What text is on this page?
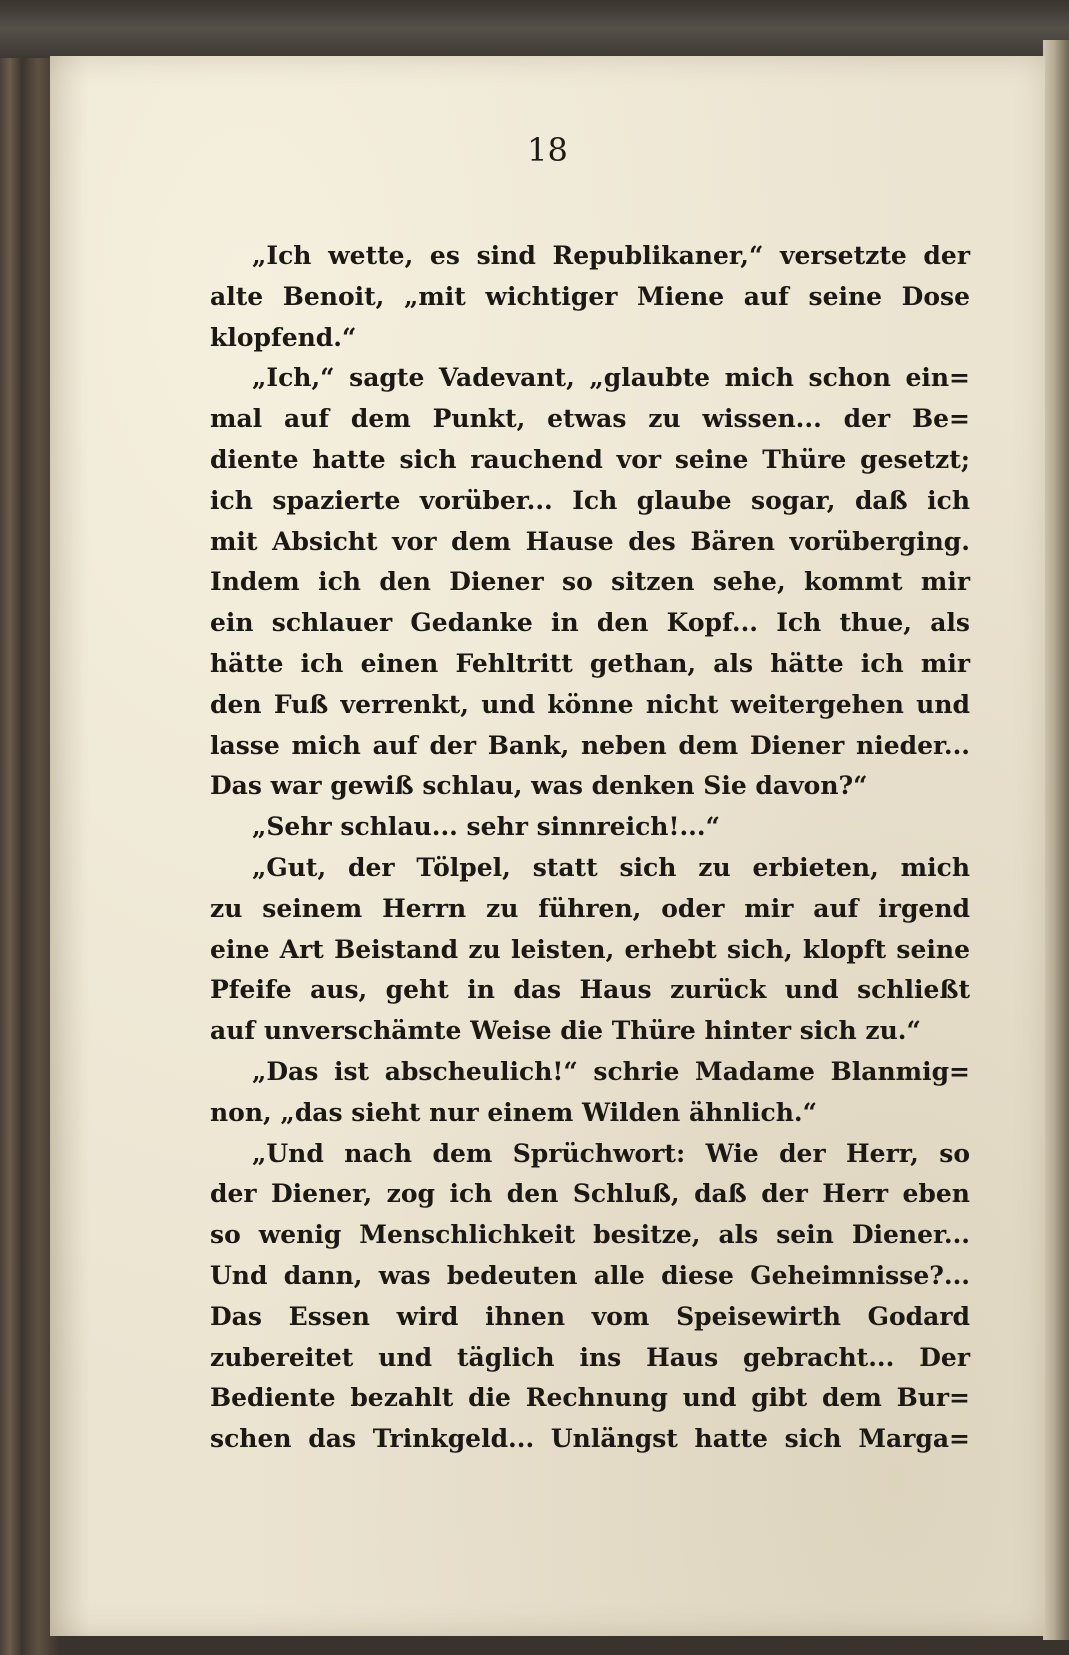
18
„Ich wette, es sind Republikaner,“ versetzte der
alte Benoit, „mit wichtiger Miene auf seine Dose
klopfend.“
„Ich,“ sagte Vadevant, „glaubte mich schon ein=
mal auf dem Punkt, etwas zu wissen... der Be=
diente hatte sich rauchend vor seine Thüre gesetzt;
ich spazierte vorüber... Ich glaube sogar, daß ich
mit Absicht vor dem Hause des Bären vorüberging.
Indem ich den Diener so sitzen sehe, kommt mir
ein schlauer Gedanke in den Kopf... Ich thue, als
hätte ich einen Fehltritt gethan, als hätte ich mir
den Fuß verrenkt, und könne nicht weitergehen und
lasse mich auf der Bank, neben dem Diener nieder...
Das war gewiß schlau, was denken Sie davon?“
„Sehr schlau... sehr sinnreich!...“
„Gut, der Tölpel, statt sich zu erbieten, mich
zu seinem Herrn zu führen, oder mir auf irgend
eine Art Beistand zu leisten, erhebt sich, klopft seine
Pfeife aus, geht in das Haus zurück und schließt
auf unverschämte Weise die Thüre hinter sich zu.“
„Das ist abscheulich!“ schrie Madame Blanmig=
non, „das sieht nur einem Wilden ähnlich.“
„Und nach dem Sprüchwort: Wie der Herr, so
der Diener, zog ich den Schluß, daß der Herr eben
so wenig Menschlichkeit besitze, als sein Diener...
Und dann, was bedeuten alle diese Geheimnisse?...
Das Essen wird ihnen vom Speisewirth Godard
zubereitet und täglich ins Haus gebracht... Der
Bediente bezahlt die Rechnung und gibt dem Bur=
schen das Trinkgeld... Unlängst hatte sich Marga=
